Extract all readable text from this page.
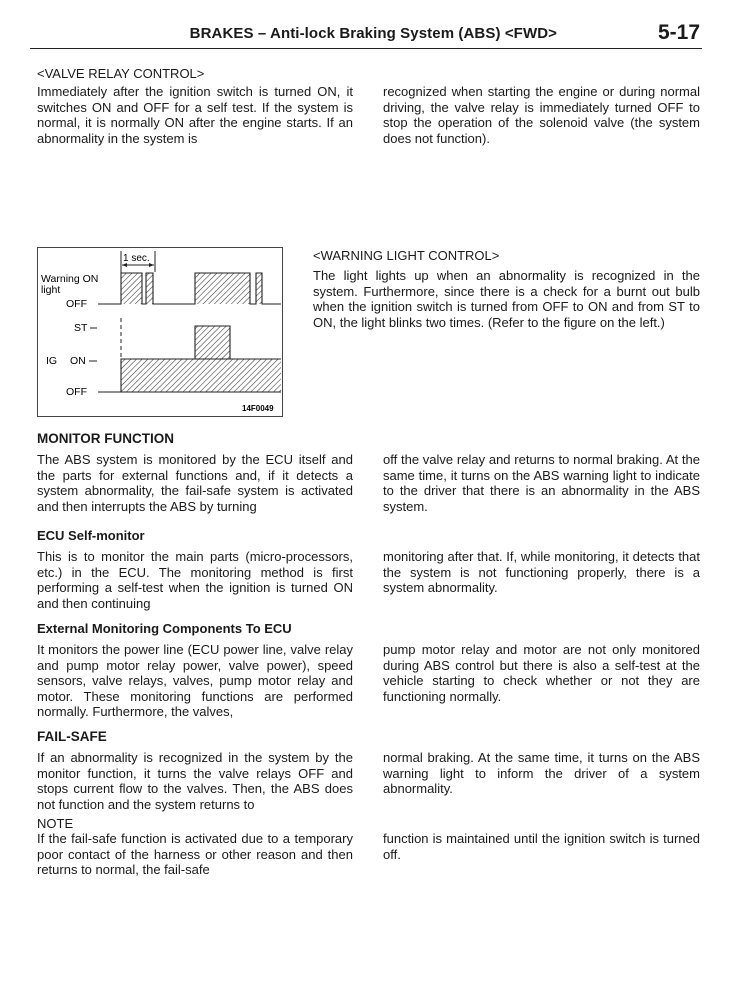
BRAKES – Anti-lock Braking System (ABS) <FWD>	5-17
<VALVE RELAY CONTROL>
Immediately after the ignition switch is turned ON, it switches ON and OFF for a self test. If the system is normal, it is normally ON after the engine starts. If an abnormality in the system is
recognized when starting the engine or during normal driving, the valve relay is immediately turned OFF to stop the operation of the solenoid valve (the system does not function).
1 sec.
Warning ON
light
OFF
ST
IG ON
OFF
14F0049
<WARNING LIGHT CONTROL>
The light lights up when an abnormality is recognized in the system. Furthermore, since there is a check for a burnt out bulb when the ignition switch is turned from OFF to ON and from ST to ON, the light blinks two times. (Refer to the figure on the left.)
MONITOR FUNCTION
The ABS system is monitored by the ECU itself and the parts for external functions and, if it detects a system abnormality, the fail-safe system is activated and then interrupts the ABS by turning
off the valve relay and returns to normal braking. At the same time, it turns on the ABS warning light to indicate to the driver that there is an abnormality in the ABS system.
ECU Self-monitor
This is to monitor the main parts (micro-processors, etc.) in the ECU. The monitoring method is first performing a self-test when the ignition is turned ON and then continuing
monitoring after that. If, while monitoring, it detects that the system is not functioning properly, there is a system abnormality.
External Monitoring Components To ECU
It monitors the power line (ECU power line, valve relay and pump motor relay power, valve power), speed sensors, valve relays, valves, pump motor relay and motor. These monitoring functions are performed normally. Furthermore, the valves,
pump motor relay and motor are not only monitored during ABS control but there is also a self-test at the vehicle starting to check whether or not they are functioning normally.
FAIL-SAFE
If an abnormality is recognized in the system by the monitor function, it turns the valve relays OFF and stops current flow to the valves. Then, the ABS does not function and the system returns to
normal braking. At the same time, it turns on the ABS warning light to inform the driver of a system abnormality.
NOTE
If the fail-safe function is activated due to a temporary poor contact of the harness or other reason and then returns to normal, the fail-safe
function is maintained until the ignition switch is turned off.
